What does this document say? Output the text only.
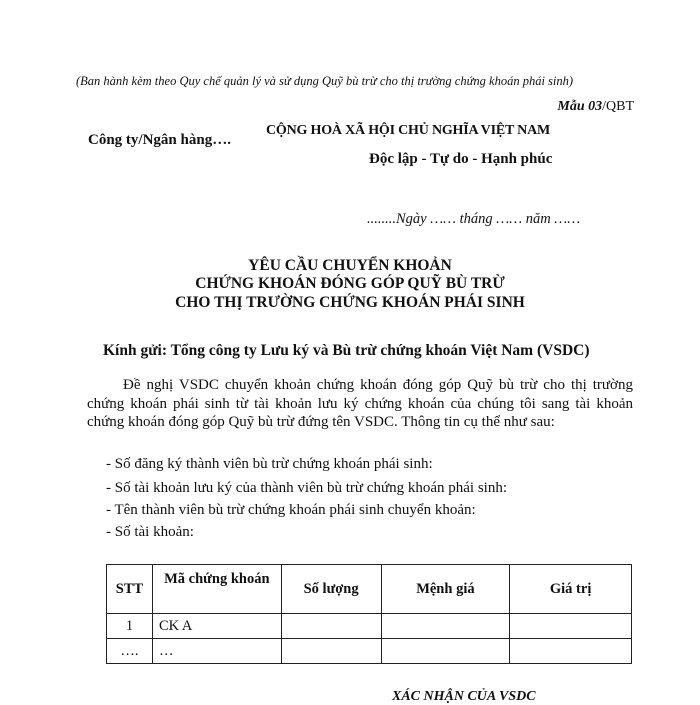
(Ban hành kèm theo Quy chế quản lý và sử dụng Quỹ bù trừ cho thị trường chứng khoán phái sinh)
Mẫu 03/QBT
Công ty/Ngân hàng….
CỘNG HOÀ XÃ HỘI CHỦ NGHĨA VIỆT NAM
Độc lập - Tự do - Hạnh phúc
........Ngày …… tháng …… năm ……
YÊU CẦU CHUYỂN KHOẢN
CHỨNG KHOÁN ĐÓNG GÓP QUỸ BÙ TRỪ
CHO THỊ TRƯỜNG CHỨNG KHOÁN PHÁI SINH
Kính gửi: Tổng công ty Lưu ký và Bù trừ chứng khoán Việt Nam (VSDC)
Đề nghị VSDC chuyển khoản chứng khoán đóng góp Quỹ bù trừ cho thị trường chứng khoán phái sinh từ tài khoản lưu ký chứng khoán của chúng tôi sang tài khoản chứng khoán đóng góp Quỹ bù trừ đứng tên VSDC. Thông tin cụ thể như sau:
- Số đăng ký thành viên bù trừ chứng khoán phái sinh:
- Số tài khoản lưu ký của thành viên bù trừ chứng khoán phái sinh:
- Tên thành viên bù trừ chứng khoán phái sinh chuyển khoản:
- Số tài khoản:
STT	Mã chứng khoán	Số lượng	Mệnh giá	Giá trị
1	CK A			
….	…			
XÁC NHẬN CỦA VSDC
